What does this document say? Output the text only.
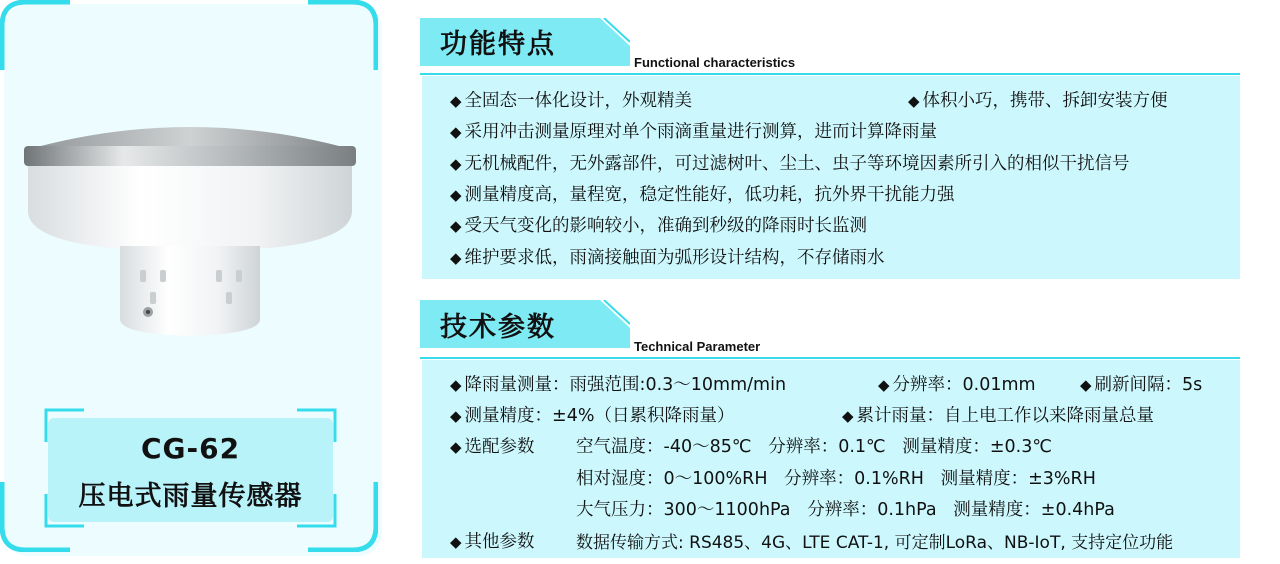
CG-62
压电式雨量传感器
功能特点
Functional characteristics
◆ 全固态一体化设计，外观精美	◆ 体积小巧，携带、拆卸安装方便
◆ 采用冲击测量原理对单个雨滴重量进行测算，进而计算降雨量
◆ 无机械配件，无外露部件，可过滤树叶、尘土、虫子等环境因素所引入的相似干扰信号
◆ 测量精度高，量程宽，稳定性能好，低功耗，抗外界干扰能力强
◆ 受天气变化的影响较小，准确到秒级的降雨时长监测
◆ 维护要求低，雨滴接触面为弧形设计结构，不存储雨水
技术参数
Technical Parameter
◆ 降雨量测量：雨强范围:0.3～10mm/min	◆ 分辨率：0.01mm	◆ 刷新间隔：5s
◆ 测量精度：±4%（日累积降雨量）	◆ 累计雨量：自上电工作以来降雨量总量
◆ 选配参数 空气温度：-40～85℃   分辨率：0.1℃   测量精度：±0.3℃
相对湿度：0～100%RH   分辨率：0.1%RH   测量精度：±3%RH
大气压力：300～1100hPa   分辨率：0.1hPa   测量精度：±0.4hPa
◆ 其他参数 数据传输方式: RS485、4G、LTE CAT-1, 可定制LoRa、NB-IoT, 支持定位功能
